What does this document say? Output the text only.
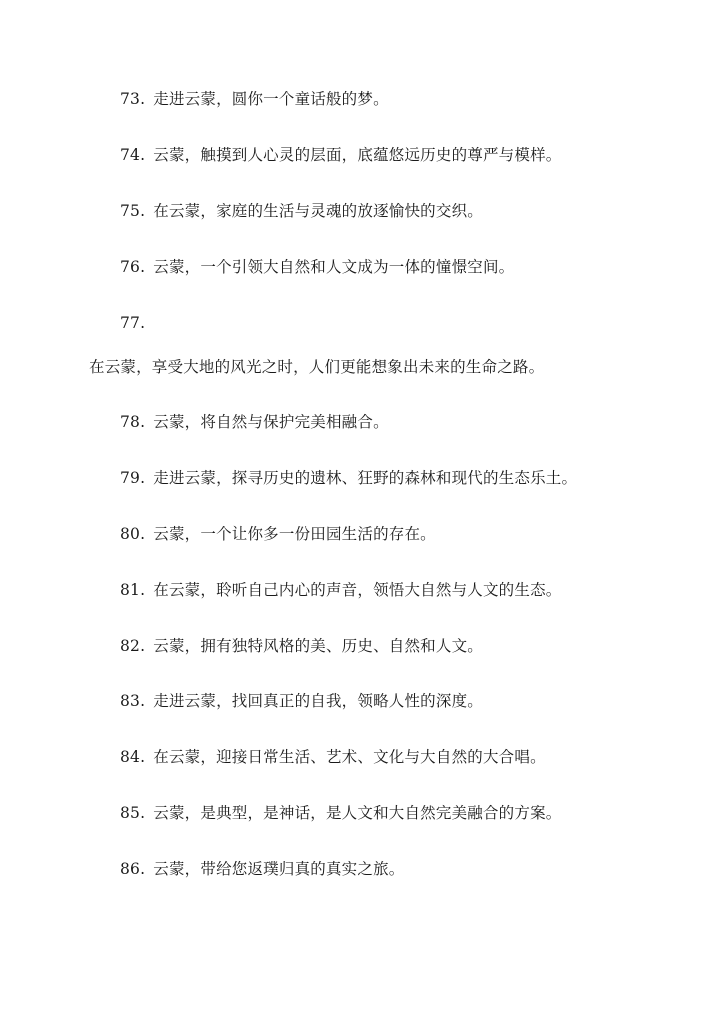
73. 走进云蒙，圆你一个童话般的梦。
74. 云蒙，触摸到人心灵的层面，底蕴悠远历史的尊严与模样。
75. 在云蒙，家庭的生活与灵魂的放逐愉快的交织。
76. 云蒙，一个引领大自然和人文成为一体的憧憬空间。
77.
在云蒙，享受大地的风光之时，人们更能想象出未来的生命之路。
78. 云蒙，将自然与保护完美相融合。
79. 走进云蒙，探寻历史的遗林、狂野的森林和现代的生态乐土。
80. 云蒙，一个让你多一份田园生活的存在。
81. 在云蒙，聆听自己内心的声音，领悟大自然与人文的生态。
82. 云蒙，拥有独特风格的美、历史、自然和人文。
83. 走进云蒙，找回真正的自我，领略人性的深度。
84. 在云蒙，迎接日常生活、艺术、文化与大自然的大合唱。
85. 云蒙，是典型，是神话，是人文和大自然完美融合的方案。
86. 云蒙，带给您返璞归真的真实之旅。
